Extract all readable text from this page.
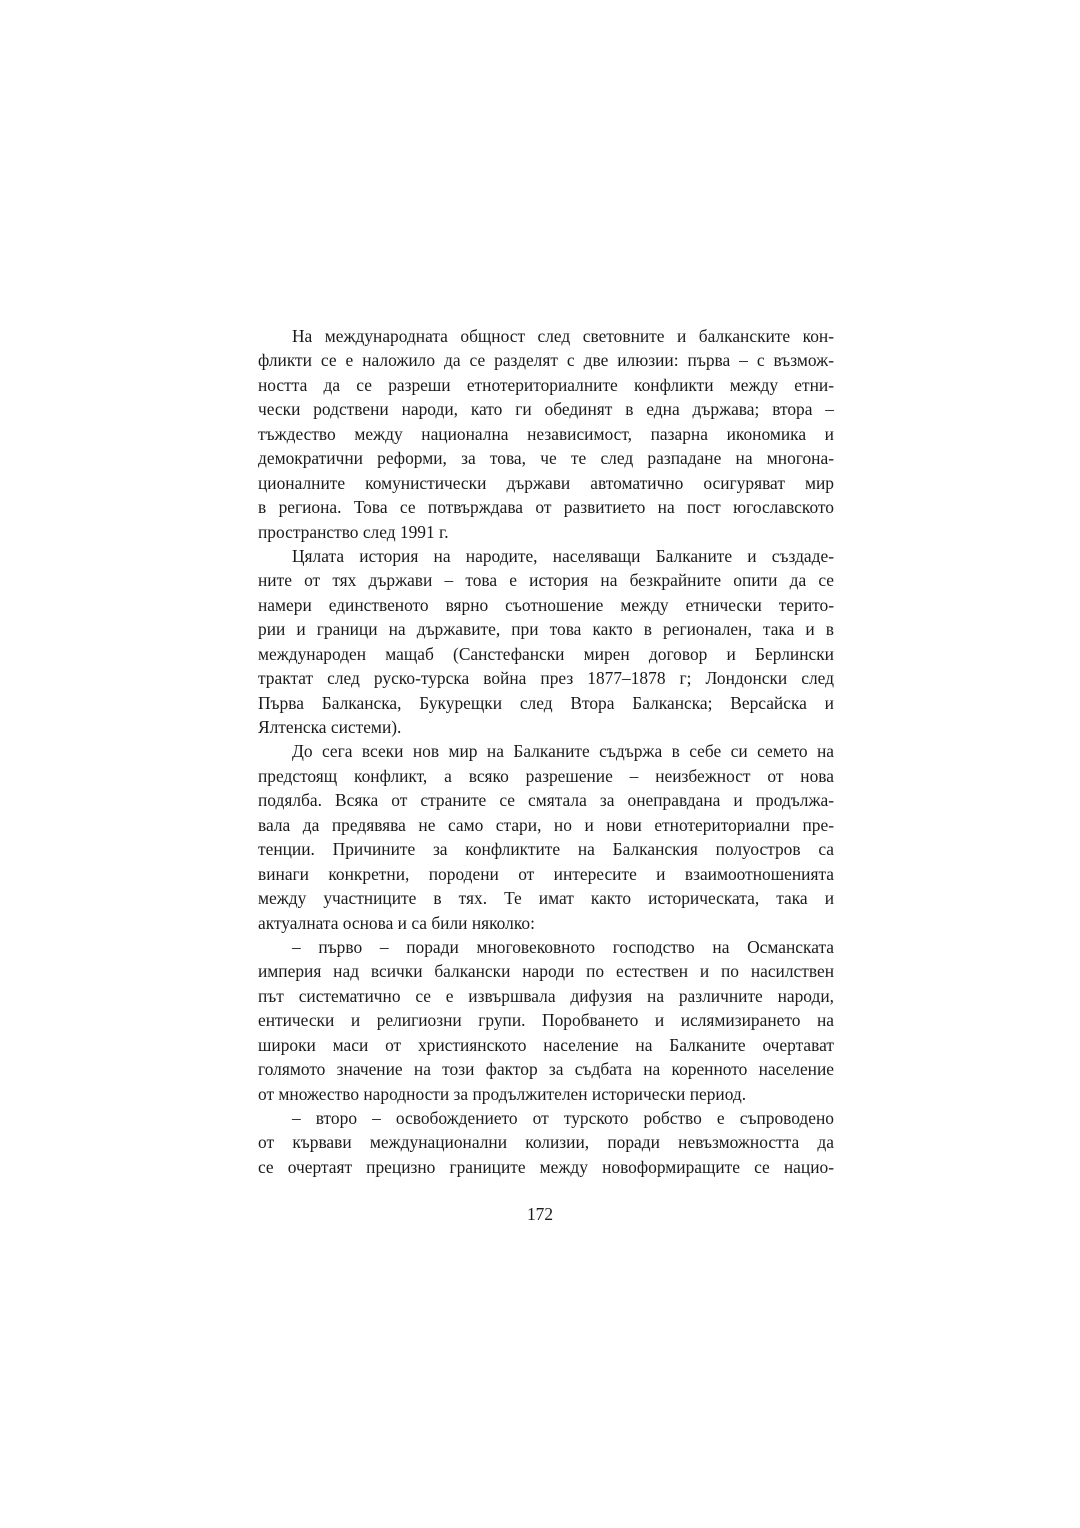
На международната общност след световните и балканските кон-
фликти се е наложило да се разделят с две илюзии: първа – с възмож-
ността да се разреши етнотериториалните конфликти между етни-
чески родствени народи, като ги обединят в една държава; втора –
тъждество между национална независимост, пазарна икономика и
демократични реформи, за това, че те след разпадане на многона-
ционалните комунистически държави автоматично осигуряват мир
в региона. Това се потвърждава от развитието на пост югославското
пространство след 1991 г.
Цялата история на народите, населяващи Балканите и създаде-
ните от тях държави – това е история на безкрайните опити да се
намери единственото вярно съотношение между етнически терито-
рии и граници на държавите, при това както в регионален, така и в
международен мащаб (Санстефански мирен договор и Берлински
трактат след руско-турска война през 1877–1878 г; Лондонски след
Първа Балканска, Букурещки след Втора Балканска; Версайска и
Ялтенска системи).
До сега всеки нов мир на Балканите съдържа в себе си семето на
предстоящ конфликт, а всяко разрешение – неизбежност от нова
подялба. Всяка от страните се смятала за онеправдана и продължа-
вала да предявява не само стари, но и нови етнотериториални пре-
тенции. Причините за конфликтите на Балканския полуостров са
винаги конкретни, породени от интересите и взаимоотношенията
между участниците в тях. Те имат както историческата, така и
актуалната основа и са били няколко:
– първо – поради многовековното господство на Османската
империя над всички балкански народи по естествен и по насилствен
път систематично се е извършвала дифузия на различните народи,
ентически и религиозни групи. Поробването и ислямизирането на
широки маси от християнското население на Балканите очертават
голямото значение на този фактор за съдбата на коренното население
от множество народности за продължителен исторически период.
– второ – освобождението от турското робство е съпроводено
от кървави междунационални колизии, поради невъзможността да
се очертаят прецизно границите между новоформиращите се нацио-
172
